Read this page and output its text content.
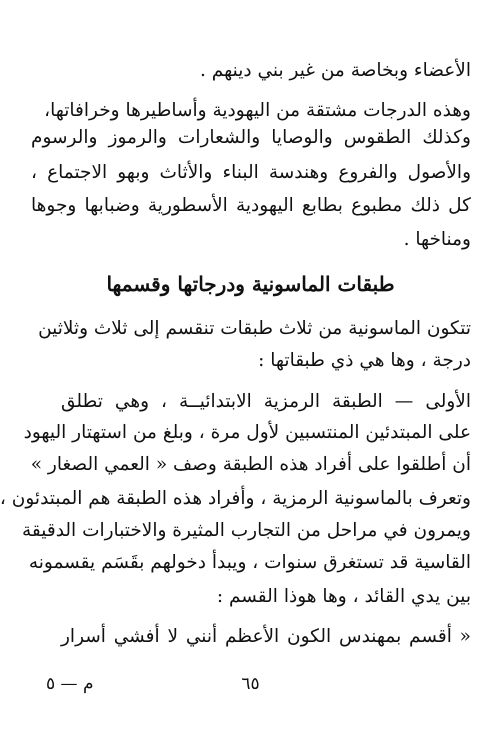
الأعضاء وبخاصة من غير بني دينهم .
وهذه الدرجات مشتقة من اليهودية وأساطيرها وخرافاتها،
وكذلك الطقوس والوصايا والشعارات والرموز والرسوم
والأصول والفروع وهندسة البناء والأثاث وبهو الاجتماع ،
كل ذلك مطبوع بطابع اليهودية الأسطورية وضبابها وجوها
ومناخها .
طبقات الماسونية ودرجاتها وقسمها
تتكون الماسونية من ثلاث طبقات تنقسم إلى ثلاث وثلاثين
درجة ، وها هي ذي طبقاتها :
الأولى — الطبقة الرمزية الابتدائيــة ، وهي تطلق
على المبتدئين المنتسبين لأول مرة ، وبلغ من استهتار اليهود
أن أطلقوا على أفراد هذه الطبقة وصف « العمي الصغار »
وتعرف بالماسونية الرمزية ، وأفراد هذه الطبقة هم المبتدئون ،
ويمرون في مراحل من التجارب المثيرة والاختبارات الدقيقة
القاسية قد تستغرق سنوات ، ويبدأ دخولهم بقَسَم يقسمونه
بين يدي القائد ، وها هوذا القسم :
« أقسم بمهندس الكون الأعظم أنني لا أفشي أسرار
٦٥
م — ٥
